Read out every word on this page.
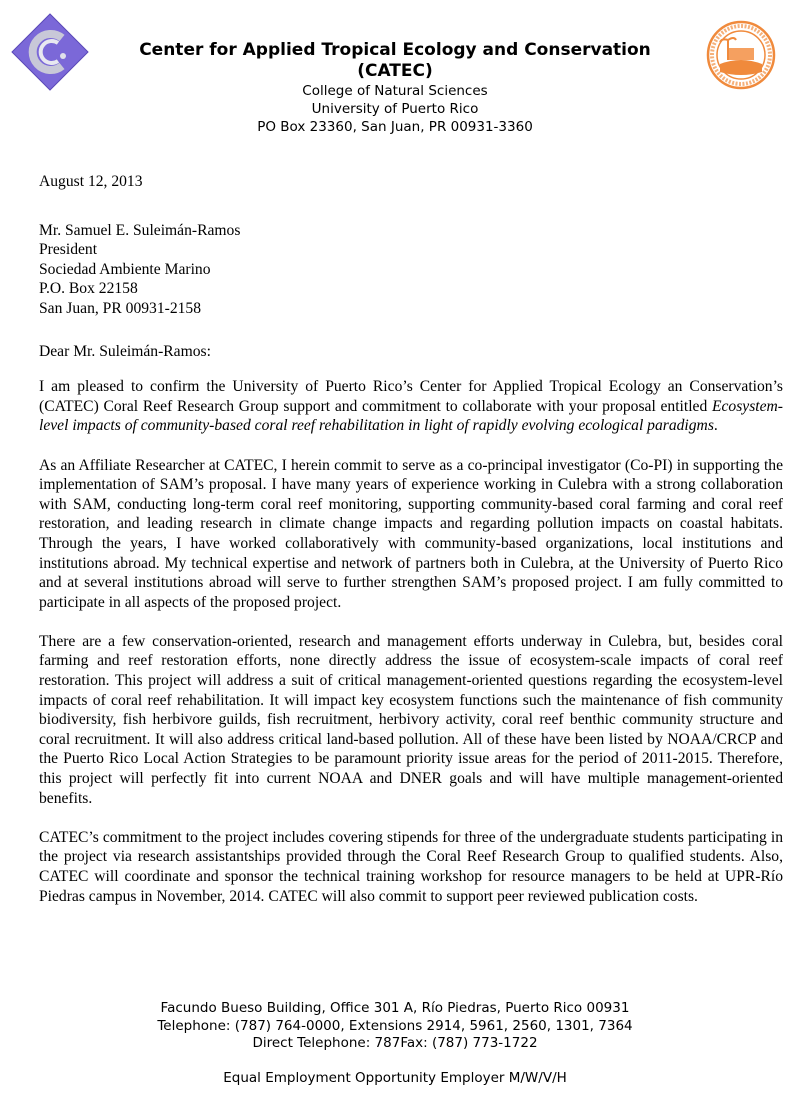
Center for Applied Tropical Ecology and Conservation
(CATEC)
College of Natural Sciences
University of Puerto Rico
PO Box 23360, San Juan, PR 00931-3360

August 12, 2013

Mr. Samuel E. Suleimán-Ramos
President
Sociedad Ambiente Marino
P.O. Box 22158
San Juan, PR 00931-2158

Dear Mr. Suleimán-Ramos:

I am pleased to confirm the University of Puerto Rico’s Center for Applied Tropical Ecology an Conservation’s (CATEC) Coral Reef Research Group support and commitment to collaborate with your proposal entitled Ecosystem-level impacts of community-based coral reef rehabilitation in light of rapidly evolving ecological paradigms.

As an Affiliate Researcher at CATEC, I herein commit to serve as a co-principal investigator (Co-PI) in supporting the implementation of SAM’s proposal. I have many years of experience working in Culebra with a strong collaboration with SAM, conducting long-term coral reef monitoring, supporting community-based coral farming and coral reef restoration, and leading research in climate change impacts and regarding pollution impacts on coastal habitats. Through the years, I have worked collaboratively with community-based organizations, local institutions and institutions abroad. My technical expertise and network of partners both in Culebra, at the University of Puerto Rico and at several institutions abroad will serve to further strengthen SAM’s proposed project. I am fully committed to participate in all aspects of the proposed project.

There are a few conservation-oriented, research and management efforts underway in Culebra, but, besides coral farming and reef restoration efforts, none directly address the issue of ecosystem-scale impacts of coral reef restoration. This project will address a suit of critical management-oriented questions regarding the ecosystem-level impacts of coral reef rehabilitation. It will impact key ecosystem functions such the maintenance of fish community biodiversity, fish herbivore guilds, fish recruitment, herbivory activity, coral reef benthic community structure and coral recruitment. It will also address critical land-based pollution. All of these have been listed by NOAA/CRCP and the Puerto Rico Local Action Strategies to be paramount priority issue areas for the period of 2011-2015. Therefore, this project will perfectly fit into current NOAA and DNER goals and will have multiple management-oriented benefits.

CATEC’s commitment to the project includes covering stipends for three of the undergraduate students participating in the project via research assistantships provided through the Coral Reef Research Group to qualified students. Also, CATEC will coordinate and sponsor the technical training workshop for resource managers to be held at UPR-Río Piedras campus in November, 2014. CATEC will also commit to support peer reviewed publication costs.

Facundo Bueso Building, Office 301 A, Río Piedras, Puerto Rico 00931
Telephone: (787) 764-0000, Extensions 2914, 5961, 2560, 1301, 7364
Direct Telephone: 787Fax: (787) 773-1722
Equal Employment Opportunity Employer M/W/V/H
